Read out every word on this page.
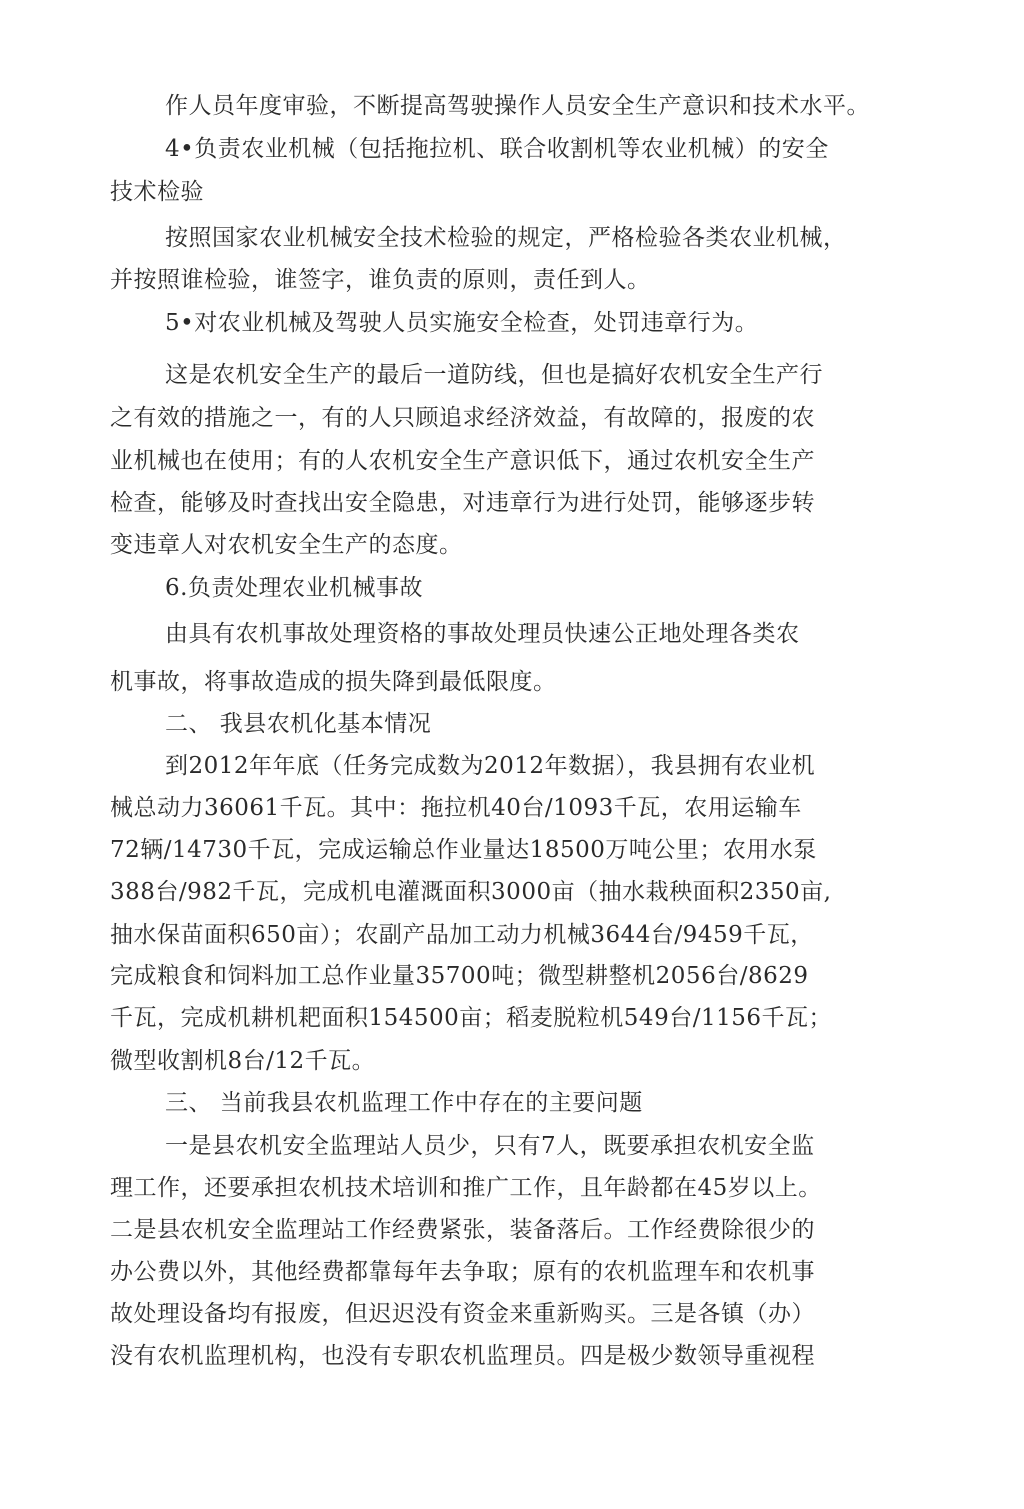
作人员年度审验，不断提高驾驶操作人员安全生产意识和技术水平。
4•负责农业机械（包括拖拉机、联合收割机等农业机械）的安全
技术检验
按照国家农业机械安全技术检验的规定，严格检验各类农业机械，
并按照谁检验，谁签字，谁负责的原则，责任到人。
5•对农业机械及驾驶人员实施安全检查，处罚违章行为。
这是农机安全生产的最后一道防线，但也是搞好农机安全生产行
之有效的措施之一，有的人只顾追求经济效益，有故障的，报废的农
业机械也在使用；有的人农机安全生产意识低下，通过农机安全生产
检查，能够及时查找出安全隐患，对违章行为进行处罚，能够逐步转
变违章人对农机安全生产的态度。
6.负责处理农业机械事故
由具有农机事故处理资格的事故处理员快速公正地处理各类农
机事故，将事故造成的损失降到最低限度。
二、 我县农机化基本情况
到2012年年底（任务完成数为2012年数据），我县拥有农业机
械总动力36061千瓦。其中：拖拉机40台/1093千瓦，农用运输车
72辆/14730千瓦，完成运输总作业量达18500万吨公里；农用水泵
388台/982千瓦，完成机电灌溉面积3000亩（抽水栽秧面积2350亩,
抽水保苗面积650亩）；农副产品加工动力机械3644台/9459千瓦，
完成粮食和饲料加工总作业量35700吨；微型耕整机2056台/8629
千瓦，完成机耕机耙面积154500亩；稻麦脱粒机549台/1156千瓦；
微型收割机8台/12千瓦。
三、 当前我县农机监理工作中存在的主要问题
一是县农机安全监理站人员少，只有7人，既要承担农机安全监
理工作，还要承担农机技术培训和推广工作，且年龄都在45岁以上。
二是县农机安全监理站工作经费紧张，装备落后。工作经费除很少的
办公费以外，其他经费都靠每年去争取；原有的农机监理车和农机事
故处理设备均有报废，但迟迟没有资金来重新购买。三是各镇（办）
没有农机监理机构，也没有专职农机监理员。四是极少数领导重视程
